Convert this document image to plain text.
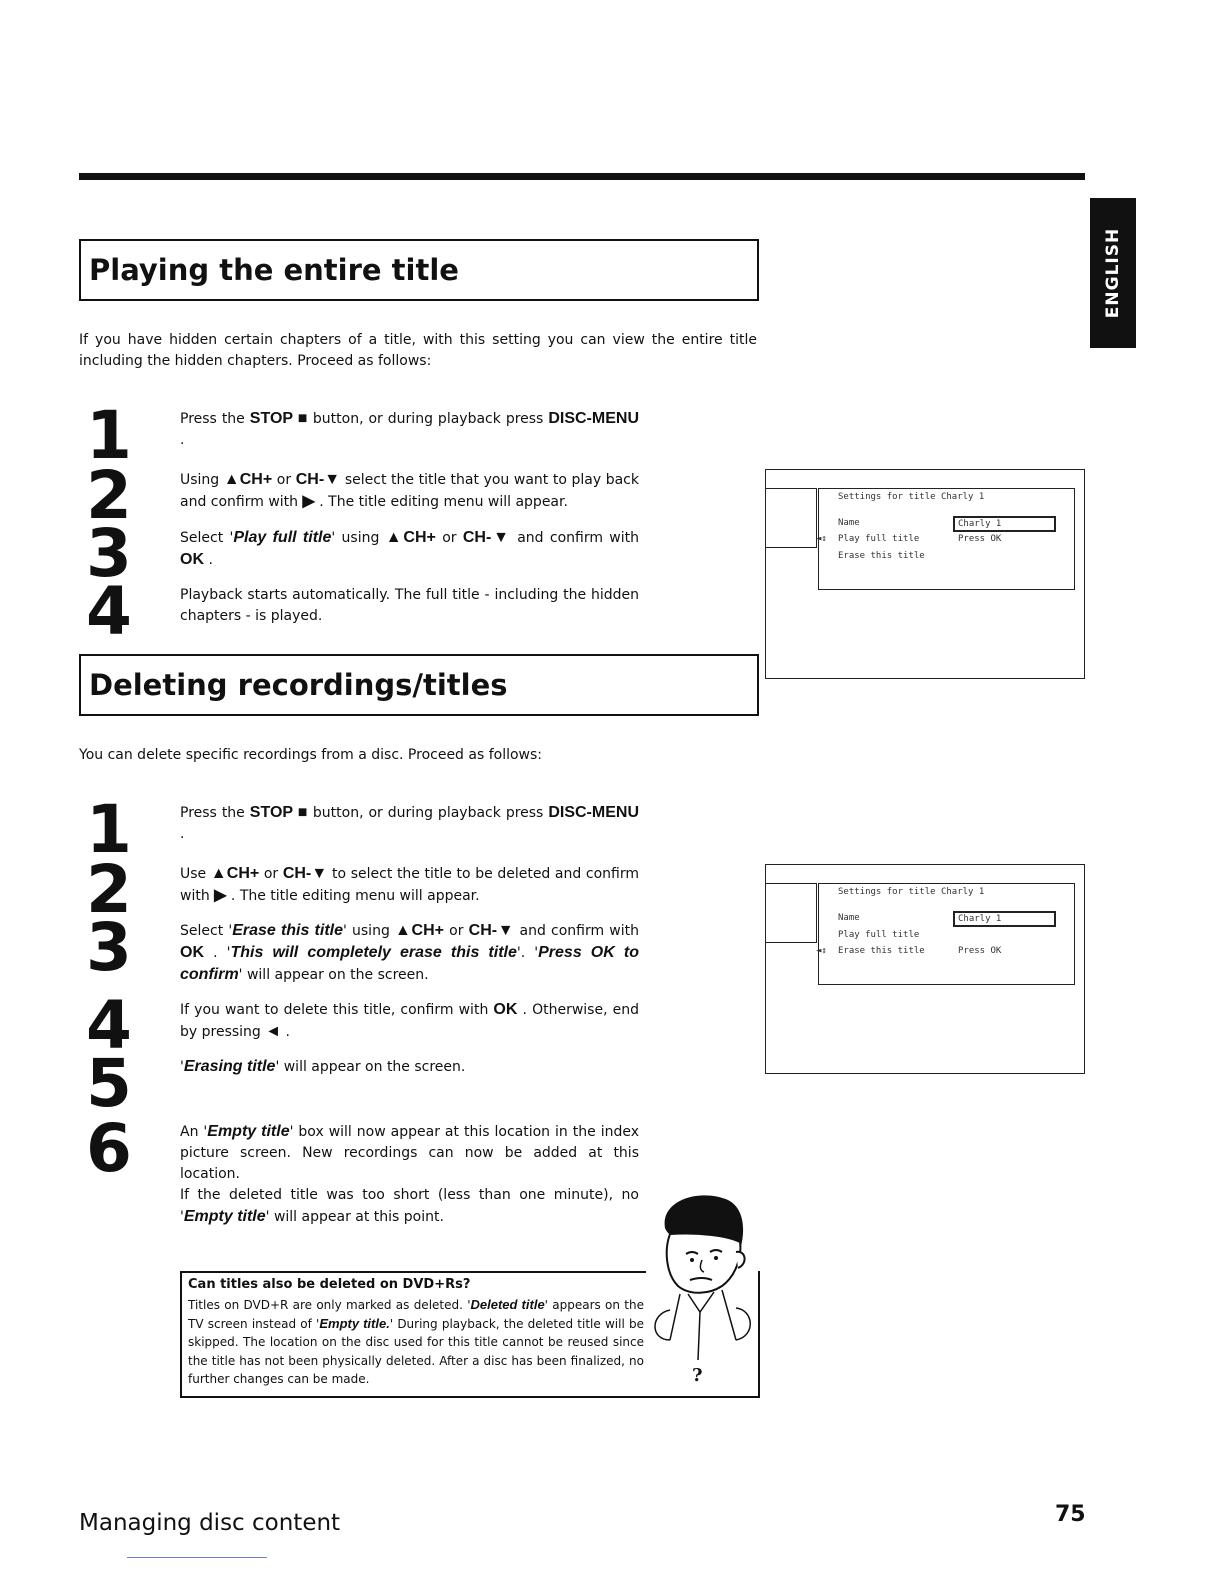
ENGLISH
Playing the entire title
If you have hidden certain chapters of a title, with this setting you can view the entire title including the hidden chapters. Proceed as follows:
1
2
3
4
Press the STOP ■ button, or during playback press DISC-MENU .
Using ▲CH+ or CH-▼ select the title that you want to play back and confirm with ▶ . The title editing menu will appear.
Select 'Play full title' using ▲CH+ or CH-▼ and confirm with OK .
Playback starts automatically. The full title - including the hidden chapters - is played.
Settings for title Charly 1
Name	Charly 1
◄↕ Play full title	Press OK
Erase this title
Deleting recordings/titles
You can delete specific recordings from a disc. Proceed as follows:
1
2
3
4
5
6
Press the STOP ■ button, or during playback press DISC-MENU .
Use ▲CH+ or CH-▼ to select the title to be deleted and confirm with ▶ . The title editing menu will appear.
Select 'Erase this title' using ▲CH+ or CH-▼ and confirm with OK . 'This will completely erase this title'. 'Press OK to confirm' will appear on the screen.
If you want to delete this title, confirm with OK . Otherwise, end by pressing ◄ .
'Erasing title' will appear on the screen.
An 'Empty title' box will now appear at this location in the index picture screen. New recordings can now be added at this location.
If the deleted title was too short (less than one minute), no 'Empty title' will appear at this point.
Settings for title Charly 1
Name	Charly 1
Play full title
◄↕ Erase this title	Press OK
Can titles also be deleted on DVD+Rs?

Titles on DVD+R are only marked as deleted. 'Deleted title' appears on the TV screen instead of 'Empty title.' During playback, the deleted title will be skipped. The location on the disc used for this title cannot be reused since the title has not been physically deleted. After a disc has been finalized, no further changes can be made.	?
Managing disc content	75
